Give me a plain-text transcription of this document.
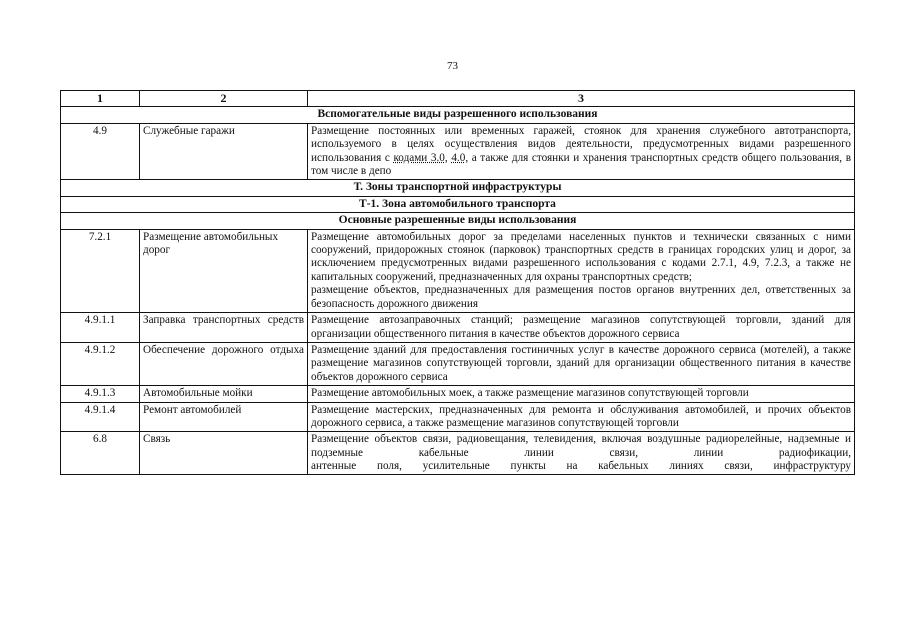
73
1	2	3
Вспомогательные виды разрешенного использования		
4.9	Служебные гаражи	Размещение постоянных или временных гаражей, стоянок для хранения служебного автотранспорта, используемого в целях осуществления видов деятельности, предусмотренных видами разрешенного использования с кодами 3.0, 4.0, а также для стоянки и хранения транспортных средств общего пользования, в том числе в депо
Т. Зоны транспортной инфраструктуры		
Т-1. Зона автомобильного транспорта		
Основные разрешенные виды использования		
7.2.1	Размещение автомобильных дорог	Размещение автомобильных дорог за пределами населенных пунктов и технически связанных с ними сооружений, придорожных стоянок (парковок) транспортных средств в границах городских улиц и дорог, за исключением предусмотренных видами разрешенного использования с кодами 2.7.1, 4.9, 7.2.3, а также не капитальных сооружений, предназначенных для охраны транспортных средств;
размещение объектов, предназначенных для размещения постов органов внутренних дел, ответственных за безопасность дорожного движения

4.9.1.1	Заправка транспортных средств	Размещение автозаправочных станций; размещение магазинов сопутствующей торговли, зданий для организации общественного питания в качестве объектов дорожного сервиса
4.9.1.2	Обеспечение дорожного отдыха	Размещение зданий для предоставления гостиничных услуг в качестве дорожного сервиса (мотелей), а также размещение магазинов сопутствующей торговли, зданий для организации общественного питания в качестве объектов дорожного сервиса
4.9.1.3	Автомобильные мойки	Размещение автомобильных моек, а также размещение магазинов сопутствующей торговли
4.9.1.4	Ремонт автомобилей	Размещение мастерских, предназначенных для ремонта и обслуживания автомобилей, и прочих объектов дорожного сервиса, а также размещение магазинов сопутствующей торговли
6.8	Связь	Размещение объектов связи, радиовещания, телевидения, включая воздушные радиорелейные, надземные и подземные кабельные линии связи, линии радиофикации,
антенные поля, усилительные пункты на кабельных линиях связи, инфраструктуру
